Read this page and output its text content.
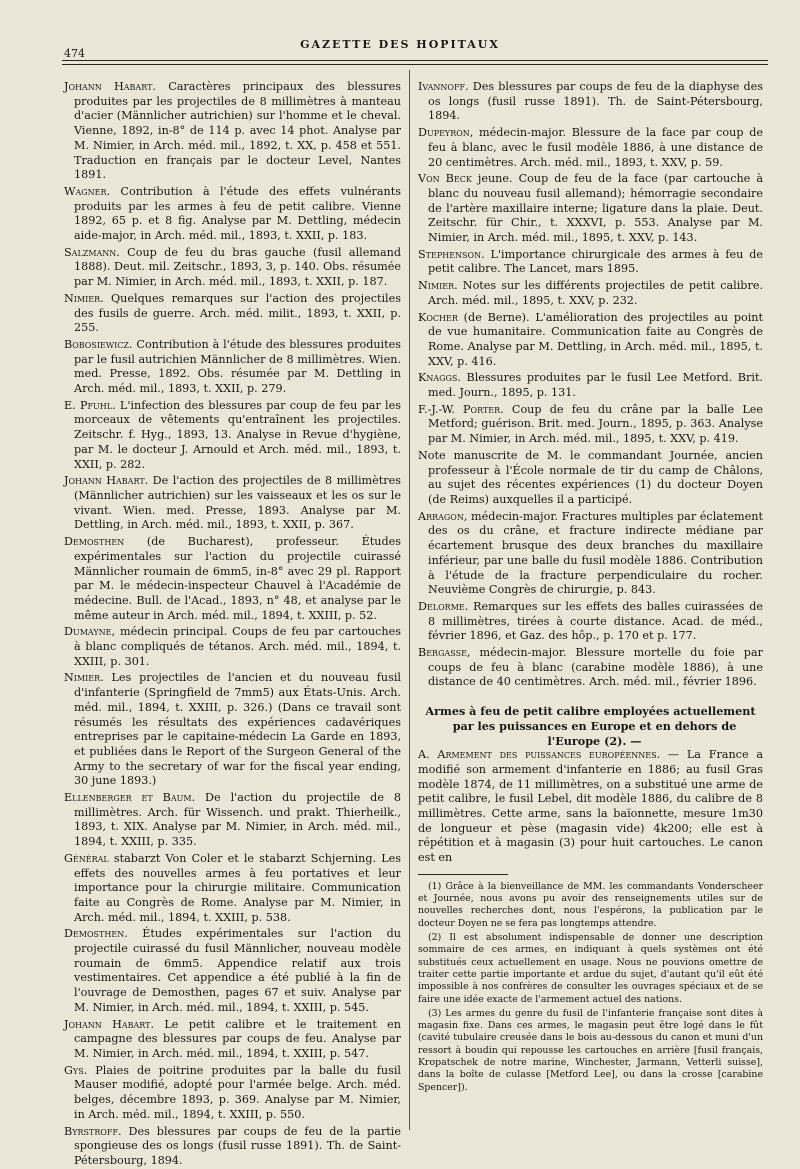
474
GAZETTE DES HOPITAUX

Johann Habart. Caractères principaux des blessures produites par les projectiles de 8 millimètres à manteau d'acier (Männlicher autrichien) sur l'homme et le cheval. Vienne, 1892, in-8° de 114 p. avec 14 phot. Analyse par M. Nimier, in Arch. méd. mil., 1892, t. XX, p. 458 et 551. Traduction en français par le docteur Level, Nantes 1891.

Wagner. Contribution à l'étude des effets vulnérants produits par les armes à feu de petit calibre. Vienne 1892, 65 p. et 8 fig. Analyse par M. Dettling, médecin aide-major, in Arch. méd. mil., 1893, t. XXII, p. 183.

Salzmann. Coup de feu du bras gauche (fusil allemand 1888). Deut. mil. Zeitschr., 1893, 3, p. 140. Obs. résumée par M. Nimier, in Arch. méd. mil., 1893, t. XXII, p. 187.

Nimier. Quelques remarques sur l'action des projectiles des fusils de guerre. Arch. méd. milit., 1893, t. XXII, p. 255.

Bobosiewicz. Contribution à l'étude des blessures produites par le fusil autrichien Männlicher de 8 millimètres. Wien. med. Presse, 1892. Obs. résumée par M. Dettling in Arch. méd. mil., 1893, t. XXII, p. 279.

E. Pfuhl. L'infection des blessures par coup de feu par les morceaux de vêtements qu'entraînent les projectiles. Zeitschr. f. Hyg., 1893, 13. Analyse in Revue d'hygiène, par M. le docteur J. Arnould et Arch. méd. mil., 1893, t. XXII, p. 282.

Johann Habart. De l'action des projectiles de 8 millimètres (Männlicher autrichien) sur les vaisseaux et les os sur le vivant. Wien. med. Presse, 1893. Analyse par M. Dettling, in Arch. méd. mil., 1893, t. XXII, p. 367.

Demosthen (de Bucharest), professeur. Études expérimentales sur l'action du projectile cuirassé Männlicher roumain de 6mm5, in-8° avec 29 pl. Rapport par M. le médecin-inspecteur Chauvel à l'Académie de médecine. Bull. de l'Acad., 1893, n° 48, et analyse par le même auteur in Arch. méd. mil., 1894, t. XXIII, p. 52.

Dumayne, médecin principal. Coups de feu par cartouches à blanc compliqués de tétanos. Arch. méd. mil., 1894, t. XXIII, p. 301.

Nimier. Les projectiles de l'ancien et du nouveau fusil d'infanterie (Springfield de 7mm5) aux États-Unis. Arch. méd. mil., 1894, t. XXIII, p. 326.) (Dans ce travail sont résumés les résultats des expériences cadavériques entreprises par le capitaine-médecin La Garde en 1893, et publiées dans le Report of the Surgeon General of the Army to the secretary of war for the fiscal year ending, 30 june 1893.)

Ellenberger et Baum. De l'action du projectile de 8 millimètres. Arch. für Wissench. und prakt. Thierheilk., 1893, t. XIX. Analyse par M. Nimier, in Arch. méd. mil., 1894, t. XXIII, p. 335.

Général stabarzt Von Coler et le stabarzt Schjerning. Les effets des nouvelles armes à feu portatives et leur importance pour la chirurgie militaire. Communication faite au Congrès de Rome. Analyse par M. Nimier, in Arch. méd. mil., 1894, t. XXIII, p. 538.

Demosthen. Études expérimentales sur l'action du projectile cuirassé du fusil Männlicher, nouveau modèle roumain de 6mm5. Appendice relatif aux trois vestimentaires. Cet appendice a été publié à la fin de l'ouvrage de Demosthen, pages 67 et suiv. Analyse par M. Nimier, in Arch. méd. mil., 1894, t. XXIII, p. 545.

Johann Habart. Le petit calibre et le traitement en campagne des blessures par coups de feu. Analyse par M. Nimier, in Arch. méd. mil., 1894, t. XXIII, p. 547.

Gys. Plaies de poitrine produites par la balle du fusil Mauser modifié, adopté pour l'armée belge. Arch. méd. belges, décembre 1893, p. 369. Analyse par M. Nimier, in Arch. méd. mil., 1894, t. XXIII, p. 550.

Byrstroff. Des blessures par coups de feu de la partie spongieuse des os longs (fusil russe 1891). Th. de Saint-Pétersbourg, 1894.

Ivannoff. Des blessures par coups de feu de la diaphyse des os longs (fusil russe 1891). Th. de Saint-Pétersbourg, 1894.

Dupeyron, médecin-major. Blessure de la face par coup de feu à blanc, avec le fusil modèle 1886, à une distance de 20 centimètres. Arch. méd. mil., 1893, t. XXV, p. 59.

Von Beck jeune. Coup de feu de la face (par cartouche à blanc du nouveau fusil allemand); hémorragie secondaire de l'artère maxillaire interne; ligature dans la plaie. Deut. Zeitschr. für Chir., t. XXXVI, p. 553. Analyse par M. Nimier, in Arch. méd. mil., 1895, t. XXV, p. 143.

Stephenson. L'importance chirurgicale des armes à feu de petit calibre. The Lancet, mars 1895.

Nimier. Notes sur les différents projectiles de petit calibre. Arch. méd. mil., 1895, t. XXV, p. 232.

Kocher (de Berne). L'amélioration des projectiles au point de vue humanitaire. Communication faite au Congrès de Rome. Analyse par M. Dettling, in Arch. méd. mil., 1895, t. XXV, p. 416.

Knaggs. Blessures produites par le fusil Lee Metford. Brit. med. Journ., 1895, p. 131.

F.-J.-W. Porter. Coup de feu du crâne par la balle Lee Metford; guérison. Brit. med. Journ., 1895, p. 363. Analyse par M. Nimier, in Arch. méd. mil., 1895, t. XXV, p. 419.

Note manuscrite de M. le commandant Journée, ancien professeur à l'École normale de tir du camp de Châlons, au sujet des récentes expériences (1) du docteur Doyen (de Reims) auxquelles il a participé.

Arragon, médecin-major. Fractures multiples par éclatement des os du crâne, et fracture indirecte médiane par écartement brusque des deux branches du maxillaire inférieur, par une balle du fusil modèle 1886. Contribution à l'étude de la fracture perpendiculaire du rocher. Neuvième Congrès de chirurgie, p. 843.

Delorme. Remarques sur les effets des balles cuirassées de 8 millimètres, tirées à courte distance. Acad. de méd., février 1896, et Gaz. des hôp., p. 170 et p. 177.

Bergasse, médecin-major. Blessure mortelle du foie par coups de feu à blanc (carabine modèle 1886), à une distance de 40 centimètres. Arch. méd. mil., février 1896.

Armes à feu de petit calibre employées actuellement par les puissances en Europe et en dehors de l'Europe (2). —

A. Armement des puissances européennes. — La France a modifié son armement d'infanterie en 1886; au fusil Gras modèle 1874, de 11 millimètres, on a substitué une arme de petit calibre, le fusil Lebel, dit modèle 1886, du calibre de 8 millimètres. Cette arme, sans la baïonnette, mesure 1m30 de longueur et pèse (magasin vide) 4k200; elle est à répétition et à magasin (3) pour huit cartouches. Le canon est en

(1) Grâce à la bienveillance de MM. les commandants Vonderscheer et Journée, nous avons pu avoir des renseignements utiles sur de nouvelles recherches dont, nous l'espérons, la publication par le docteur Doyen ne se fera pas longtemps attendre.

(2) Il est absolument indispensable de donner une description sommaire de ces armes, en indiquant à quels systèmes ont été substitués ceux actuellement en usage. Nous ne pouvions omettre de traiter cette partie importante et ardue du sujet, d'autant qu'il eût été impossible à nos confrères de consulter les ouvrages spéciaux et de se faire une idée exacte de l'armement actuel des nations.

(3) Les armes du genre du fusil de l'infanterie française sont dites à magasin fixe. Dans ces armes, le magasin peut être logé dans le fût (cavité tubulaire creusée dans le bois au-dessous du canon et muni d'un ressort à boudin qui repousse les cartouches en arrière [fusil français, Kropatschek de notre marine, Winchester, Jarmann, Vetterli suisse], dans la boîte de culasse [Metford Lee], ou dans la crosse [carabine Spencer]).
